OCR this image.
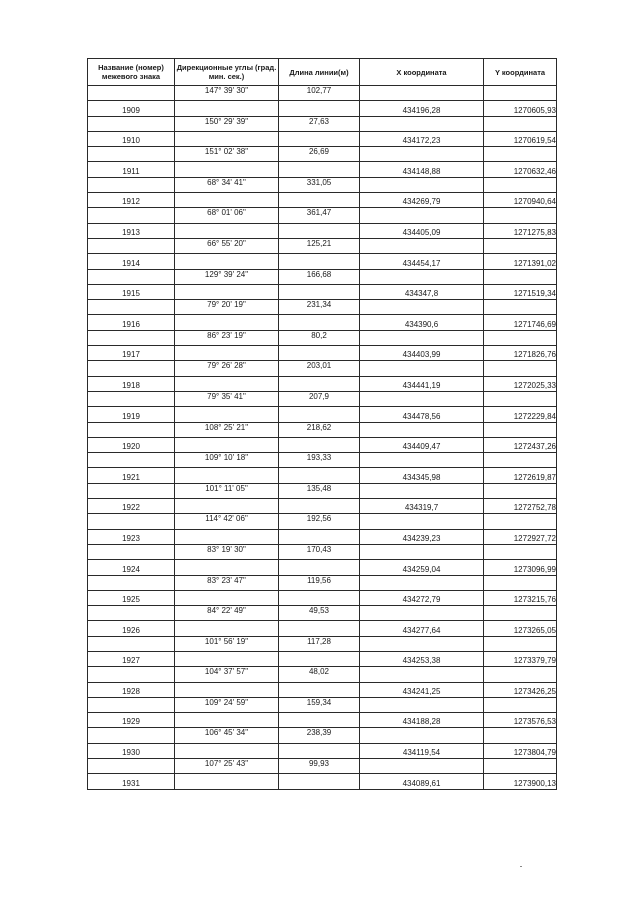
Название (номер) межевого знака	Дирекционные углы (град. мин. сек.)	Длина линии(м)	X координата	Y координата
	147° 39' 30"	102,77		
1909			434196,28	1270605,93
	150° 29' 39"	27,63		
1910			434172,23	1270619,54
	151° 02' 38"	26,69		
1911			434148,88	1270632,46
	68° 34' 41"	331,05		
1912			434269,79	1270940,64
	68° 01' 06"	361,47		
1913			434405,09	1271275,83
	66° 55' 20"	125,21		
1914			434454,17	1271391,02
	129° 39' 24"	166,68		
1915			434347,8	1271519,34
	79° 20' 19"	231,34		
1916			434390,6	1271746,69
	86° 23' 19"	80,2		
1917			434403,99	1271826,76
	79° 26' 28"	203,01		
1918			434441,19	1272025,33
	79° 35' 41"	207,9		
1919			434478,56	1272229,84
	108° 25' 21"	218,62		
1920			434409,47	1272437,26
	109° 10' 18"	193,33		
1921			434345,98	1272619,87
	101° 11' 05"	135,48		
1922			434319,7	1272752,78
	114° 42' 06"	192,56		
1923			434239,23	1272927,72
	83° 19' 30"	170,43		
1924			434259,04	1273096,99
	83° 23' 47"	119,56		
1925			434272,79	1273215,76
	84° 22' 49"	49,53		
1926			434277,64	1273265,05
	101° 56' 19"	117,28		
1927			434253,38	1273379,79
	104° 37' 57"	48,02		
1928			434241,25	1273426,25
	109° 24' 59"	159,34		
1929			434188,28	1273576,53
	106° 45' 34"	238,39		
1930			434119,54	1273804,79
	107° 25' 43"	99,93		
1931			434089,61	1273900,13
